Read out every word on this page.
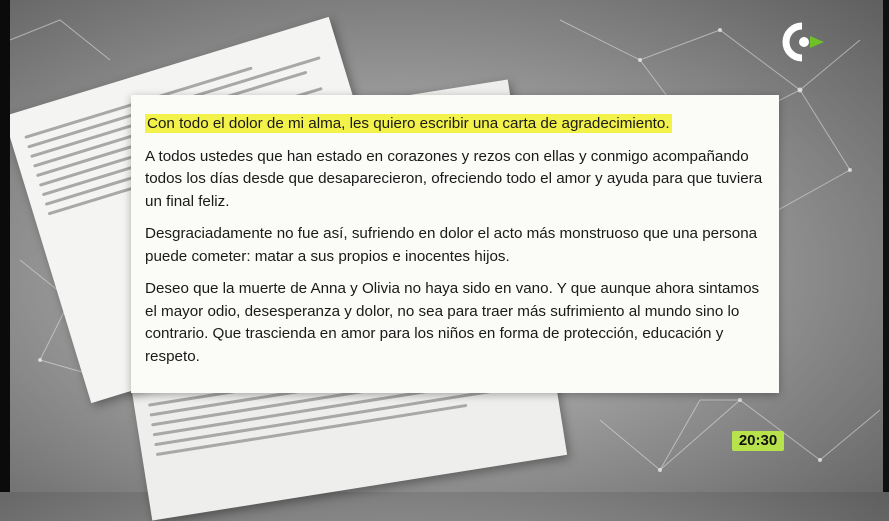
Con todo el dolor de mi alma, les quiero escribir una carta de agradecimiento.

A todos ustedes que han estado en corazones y rezos con ellas y conmigo acompañando todos los días desde que desaparecieron, ofreciendo todo el amor y ayuda para que tuviera un final feliz.

Desgraciadamente no fue así, sufriendo en dolor el acto más monstruoso que una persona puede cometer: matar a sus propios e inocentes hijos.

Deseo que la muerte de Anna y Olivia no haya sido en vano. Y que aunque ahora sintamos el mayor odio, desesperanza y dolor, no sea para traer más sufrimiento al mundo sino lo contrario. Que trascienda en amor para los niños en forma de protección, educación y respeto.

20:30
